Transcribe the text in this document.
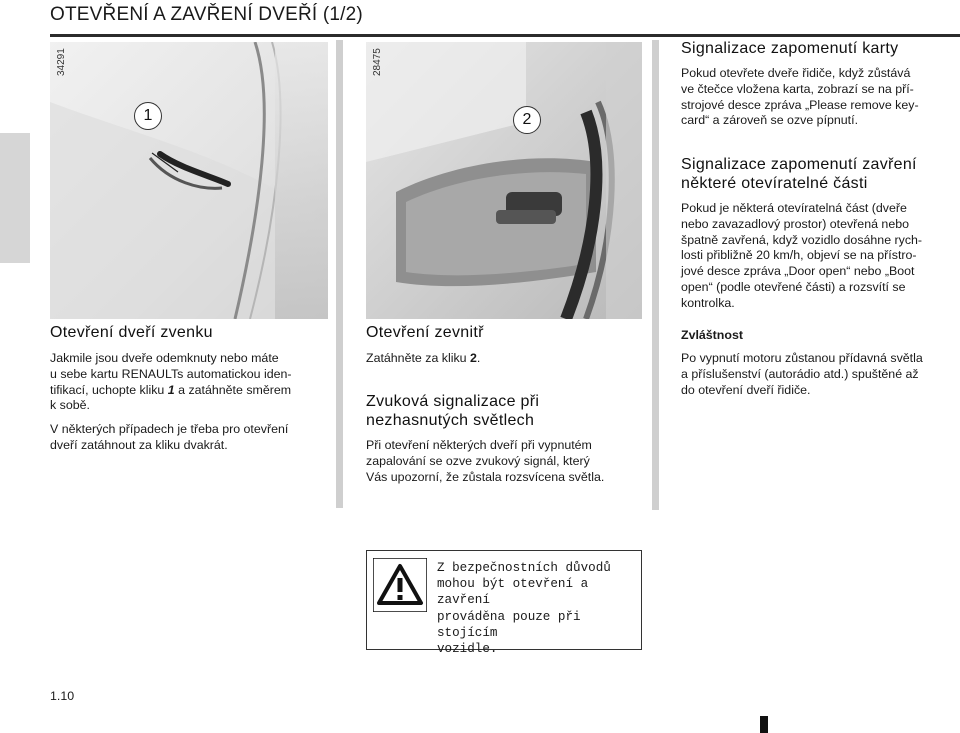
OTEVŘENÍ A ZAVŘENÍ DVEŘÍ (1/2)
34291
1
28475
2
Otevření dveří zvenku
Jakmile jsou dveře odemknuty nebo máte
u sebe kartu RENAULTs automatickou iden-
tifikací, uchopte kliku 1 a zatáhněte směrem
k sobě.
V některých případech je třeba pro otevření
dveří zatáhnout za kliku dvakrát.
Otevření zevnitř
Zatáhněte za kliku 2.
Zvuková signalizace při
nezhasnutých světlech
Při otevření některých dveří při vypnutém
zapalování se ozve zvukový signál, který
Vás upozorní, že zůstala rozsvícena světla.
Signalizace zapomenutí karty
Pokud otevřete dveře řidiče, když zůstává
ve čtečce vložena karta, zobrazí se na pří-
strojové desce zpráva „Please remove key-
card“ a zároveň se ozve pípnutí.
Signalizace zapomenutí zavření
některé otevíratelné části
Pokud je některá otevíratelná část (dveře
nebo zavazadlový prostor) otevřená nebo
špatně zavřená, když vozidlo dosáhne rych-
losti přibližně 20 km/h, objeví se na přístro-
jové desce zpráva „Door open“ nebo „Boot
open“ (podle otevřené části) a rozsvítí se
kontrolka.
Zvláštnost
Po vypnutí motoru zůstanou přídavná světla
a příslušenství (autorádio atd.) spuštěné až
do otevření dveří řidiče.
Z bezpečnostních důvodů
mohou být otevření a zavření
prováděna pouze při stojícím
vozidle.
1.10
